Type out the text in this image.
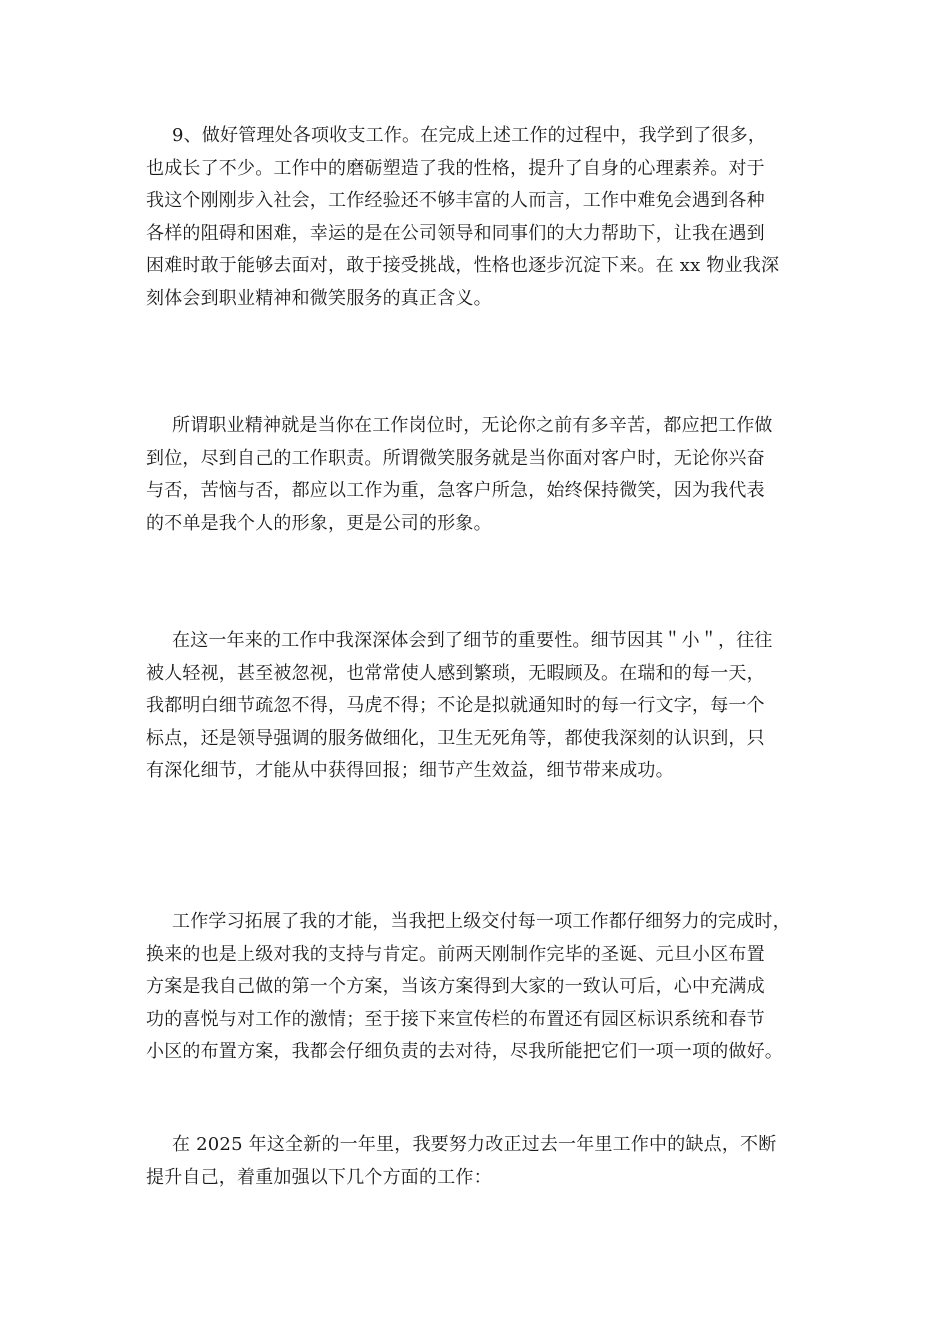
9、做好管理处各项收支工作。在完成上述工作的过程中，我学到了很多，
也成长了不少。工作中的磨砺塑造了我的性格，提升了自身的心理素养。对于
我这个刚刚步入社会，工作经验还不够丰富的人而言，工作中难免会遇到各种
各样的阻碍和困难，幸运的是在公司领导和同事们的大力帮助下，让我在遇到
困难时敢于能够去面对，敢于接受挑战，性格也逐步沉淀下来。在 xx 物业我深
刻体会到职业精神和微笑服务的真正含义。
所谓职业精神就是当你在工作岗位时，无论你之前有多辛苦，都应把工作做
到位，尽到自己的工作职责。所谓微笑服务就是当你面对客户时，无论你兴奋
与否，苦恼与否，都应以工作为重，急客户所急，始终保持微笑，因为我代表
的不单是我个人的形象，更是公司的形象。
在这一年来的工作中我深深体会到了细节的重要性。细节因其＂小＂，往往
被人轻视，甚至被忽视，也常常使人感到繁琐，无暇顾及。在瑞和的每一天，
我都明白细节疏忽不得，马虎不得；不论是拟就通知时的每一行文字，每一个
标点，还是领导强调的服务做细化，卫生无死角等，都使我深刻的认识到，只
有深化细节，才能从中获得回报；细节产生效益，细节带来成功。
工作学习拓展了我的才能，当我把上级交付每一项工作都仔细努力的完成时，
换来的也是上级对我的支持与肯定。前两天刚制作完毕的圣诞、元旦小区布置
方案是我自己做的第一个方案，当该方案得到大家的一致认可后，心中充满成
功的喜悦与对工作的激情；至于接下来宣传栏的布置还有园区标识系统和春节
小区的布置方案，我都会仔细负责的去对待，尽我所能把它们一项一项的做好。
在 2025 年这全新的一年里，我要努力改正过去一年里工作中的缺点，不断
提升自己，着重加强以下几个方面的工作：
